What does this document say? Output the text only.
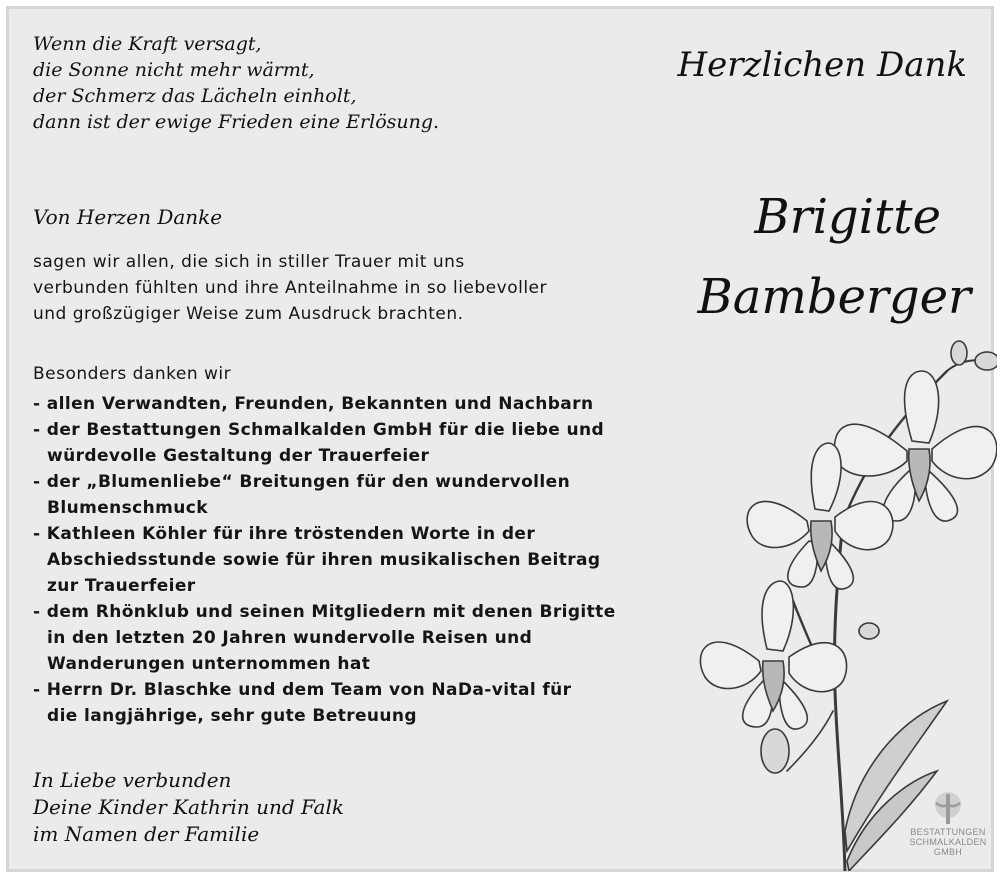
Wenn die Kraft versagt,
die Sonne nicht mehr wärmt,
der Schmerz das Lächeln einholt,
dann ist der ewige Frieden eine Erlösung.
Von Herzen Danke
sagen wir allen, die sich in stiller Trauer mit uns
verbunden fühlten und ihre Anteilnahme in so liebevoller
und großzügiger Weise zum Ausdruck brachten.
Besonders danken wir
- allen Verwandten, Freunden, Bekannten und Nachbarn
- der Bestattungen Schmalkalden GmbH für die liebe und
würdevolle Gestaltung der Trauerfeier
- der „Blumenliebe“ Breitungen für den wundervollen
Blumenschmuck
- Kathleen Köhler für ihre tröstenden Worte in der
Abschiedsstunde sowie für ihren musikalischen Beitrag
zur Trauerfeier
- dem Rhönklub und seinen Mitgliedern mit denen Brigitte
in den letzten 20 Jahren wundervolle Reisen und
Wanderungen unternommen hat
- Herrn Dr. Blaschke und dem Team von NaDa-vital für
die langjährige, sehr gute Betreuung
In Liebe verbunden
Deine Kinder Kathrin und Falk
im Namen der Familie
Herzlichen Dank
Brigitte
Bamberger
BESTATTUNGEN
SCHMALKALDEN
GMBH
